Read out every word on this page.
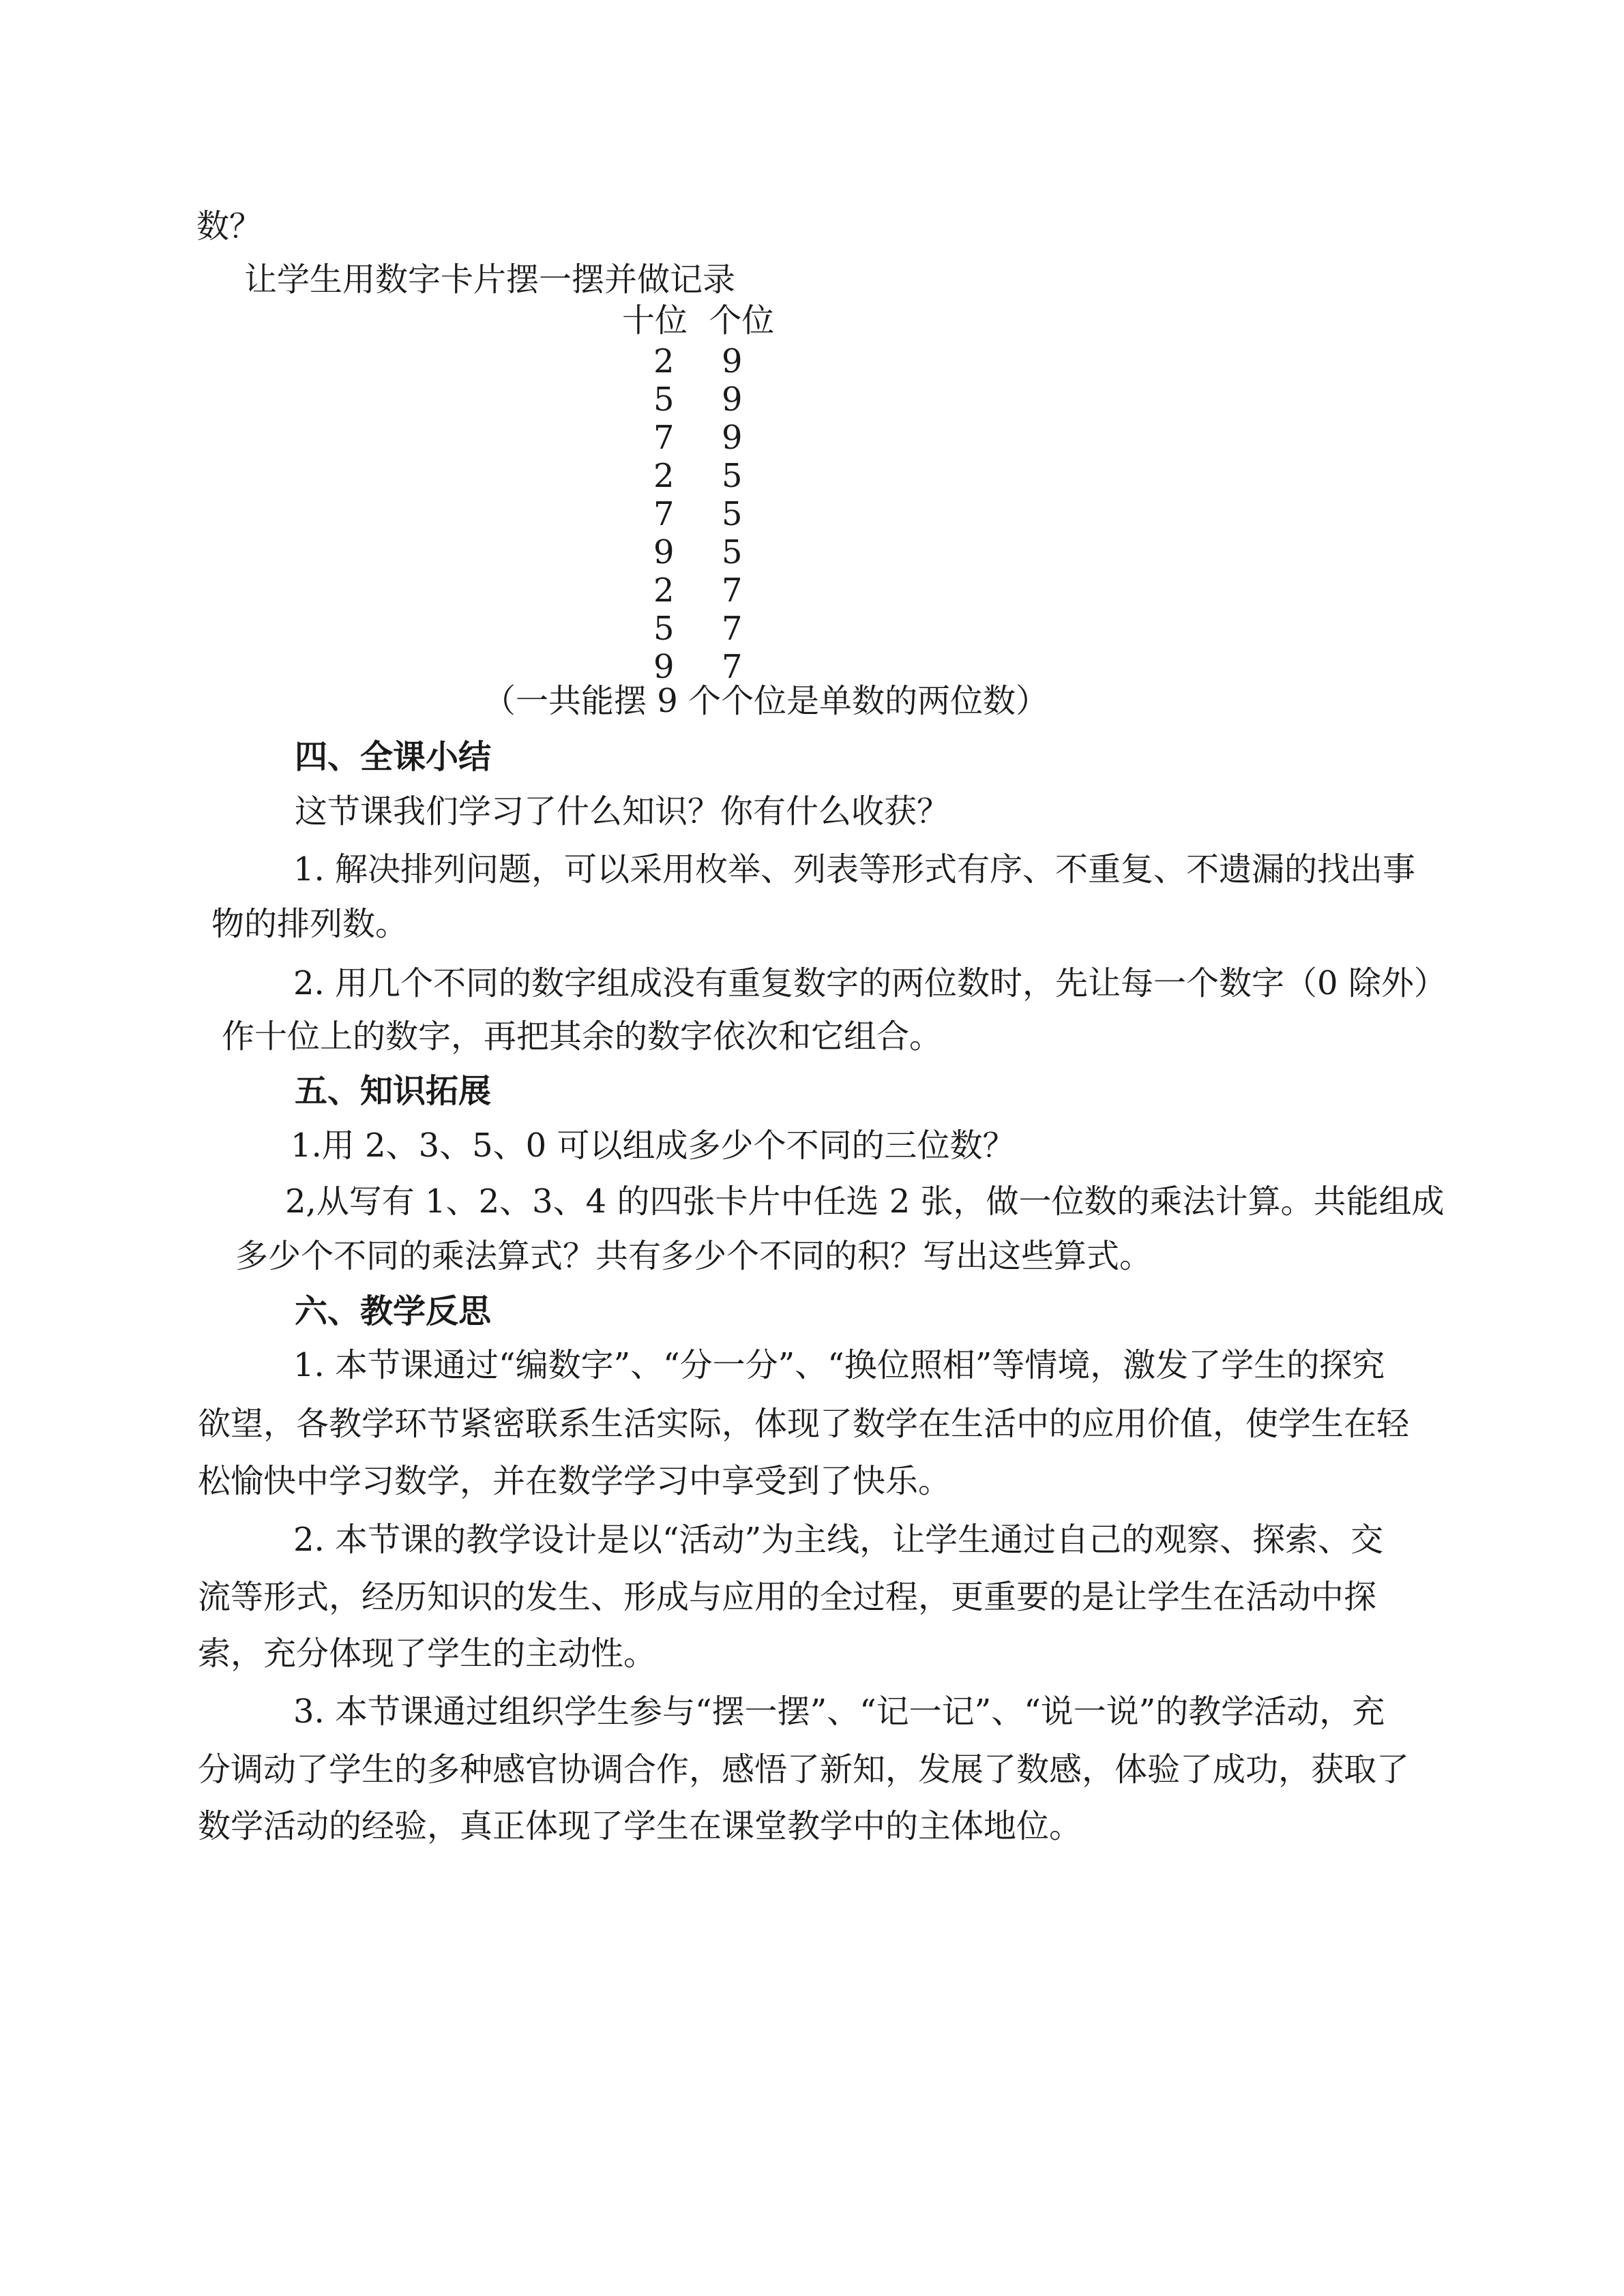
数？
让学生用数字卡片摆一摆并做记录
十位 个位
2 9
5 9
7 9
2 5
7 5
9 5
2 7
5 7
9 7
（一共能摆 9 个个位是单数的两位数）
四、全课小结
这节课我们学习了什么知识？你有什么收获？
1. 解决排列问题，可以采用枚举、列表等形式有序、不重复、不遗漏的找出事
物的排列数。
2. 用几个不同的数字组成没有重复数字的两位数时，先让每一个数字（0 除外）
作十位上的数字，再把其余的数字依次和它组合。
五、知识拓展
1.用 2、3、5、0 可以组成多少个不同的三位数？
2,从写有 1、2、3、4 的四张卡片中任选 2 张，做一位数的乘法计算。共能组成
多少个不同的乘法算式？共有多少个不同的积？写出这些算式。
六、教学反思
1. 本节课通过“编数字”、“分一分”、“换位照相”等情境，激发了学生的探究
欲望，各教学环节紧密联系生活实际，体现了数学在生活中的应用价值，使学生在轻
松愉快中学习数学，并在数学学习中享受到了快乐。
2. 本节课的教学设计是以“活动”为主线，让学生通过自己的观察、探索、交
流等形式，经历知识的发生、形成与应用的全过程，更重要的是让学生在活动中探
索，充分体现了学生的主动性。
3. 本节课通过组织学生参与“摆一摆”、“记一记”、“说一说”的教学活动，充
分调动了学生的多种感官协调合作，感悟了新知，发展了数感，体验了成功，获取了
数学活动的经验，真正体现了学生在课堂教学中的主体地位。
